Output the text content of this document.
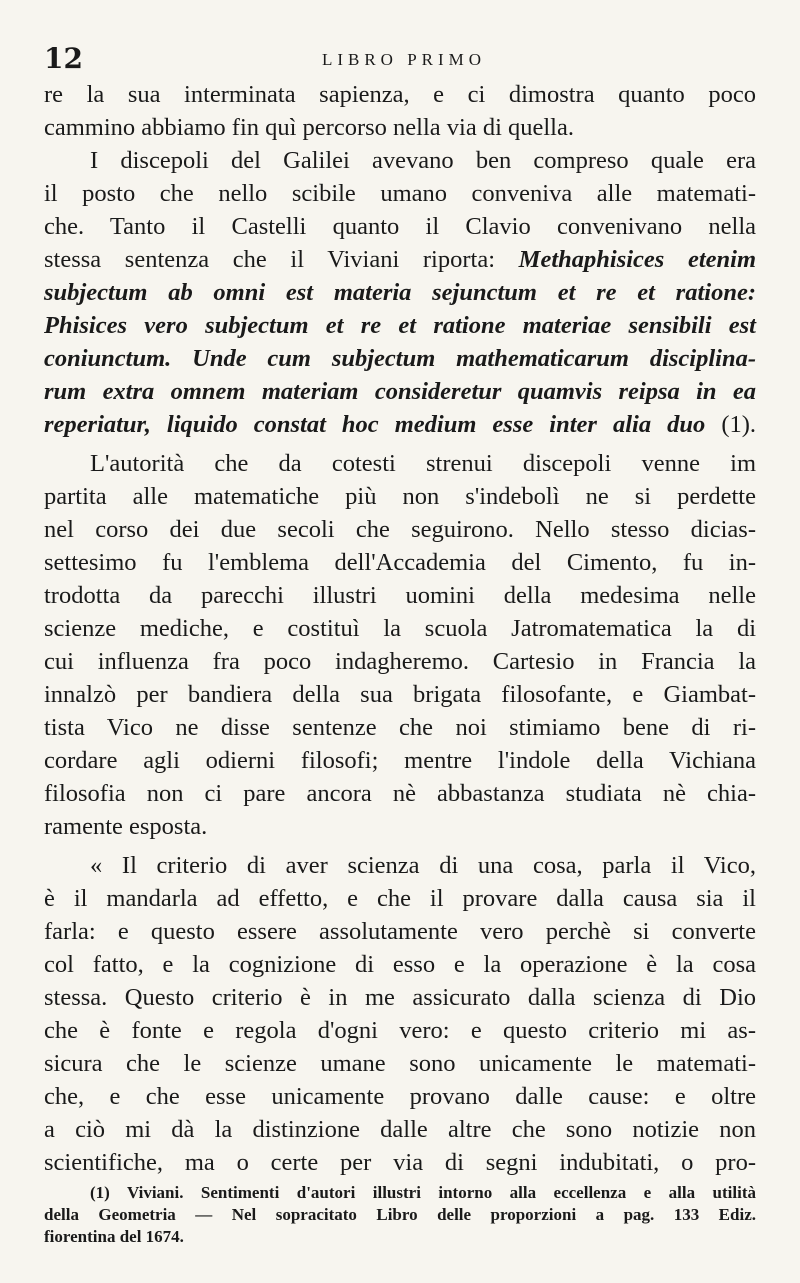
12	LIBRO PRIMO
re la sua interminata sapienza, e ci dimostra quanto poco
cammino abbiamo fin quì percorso nella via di quella.
I discepoli del Galilei avevano ben compreso quale era
il posto che nello scibile umano conveniva alle matemati-
che. Tanto il Castelli quanto il Clavio convenivano nella
stessa sentenza che il Viviani riporta: Methaphisices etenim
subjectum ab omni est materia sejunctum et re et ratione:
Phisices vero subjectum et re et ratione materiae sensibili est
coniunctum. Unde cum subjectum mathematicarum disciplina-
rum extra omnem materiam consideretur quamvis reipsa in ea
reperiatur, liquido constat hoc medium esse inter alia duo (1).
L'autorità che da cotesti strenui discepoli venne im
partita alle matematiche più non s'indebolì ne si perdette
nel corso dei due secoli che seguirono. Nello stesso dicias-
settesimo fu l'emblema dell'Accademia del Cimento, fu in-
trodotta da parecchi illustri uomini della medesima nelle
scienze mediche, e costituì la scuola Jatromatematica la di
cui influenza fra poco indagheremo. Cartesio in Francia la
innalzò per bandiera della sua brigata filosofante, e Giambat-
tista Vico ne disse sentenze che noi stimiamo bene di ri-
cordare agli odierni filosofi; mentre l'indole della Vichiana
filosofia non ci pare ancora nè abbastanza studiata nè chia-
ramente esposta.
« Il criterio di aver scienza di una cosa, parla il Vico,
è il mandarla ad effetto, e che il provare dalla causa sia il
farla: e questo essere assolutamente vero perchè si converte
col fatto, e la cognizione di esso e la operazione è la cosa
stessa. Questo criterio è in me assicurato dalla scienza di Dio
che è fonte e regola d'ogni vero: e questo criterio mi as-
sicura che le scienze umane sono unicamente le matemati-
che, e che esse unicamente provano dalle cause: e oltre
a ciò mi dà la distinzione dalle altre che sono notizie non
scientifiche, ma o certe per via di segni indubitati, o pro-
(1) Viviani. Sentimenti d'autori illustri intorno alla eccellenza e alla utilità
della Geometria — Nel sopracitato Libro delle proporzioni a pag. 133 Ediz.
fiorentina del 1674.
